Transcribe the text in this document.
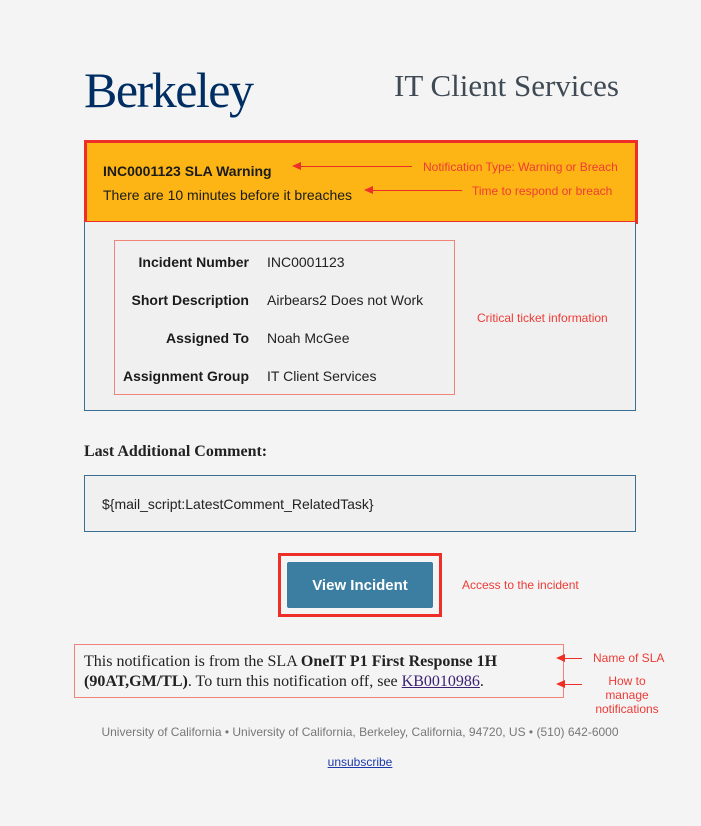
Berkeley	IT Client Services
INC0001123 SLA Warning
There are 10 minutes before it breaches
Notification Type: Warning or Breach
Time to respond or breach
Incident Number INC0001123
Short Description Airbears2 Does not Work
Assigned To Noah McGee
Assignment Group IT Client Services
Critical ticket information
Last Additional Comment:
${mail_script:LatestComment_RelatedTask}
View Incident	Access to the incident

This notification is from the SLA OneIT P1 First Response 1H (90AT,GM/TL). To turn this notification off, see KB0010986.

Name of SLA
How to
manage
notifications
University of California • University of California, Berkeley, California, 94720, US • (510) 642-6000
unsubscribe
